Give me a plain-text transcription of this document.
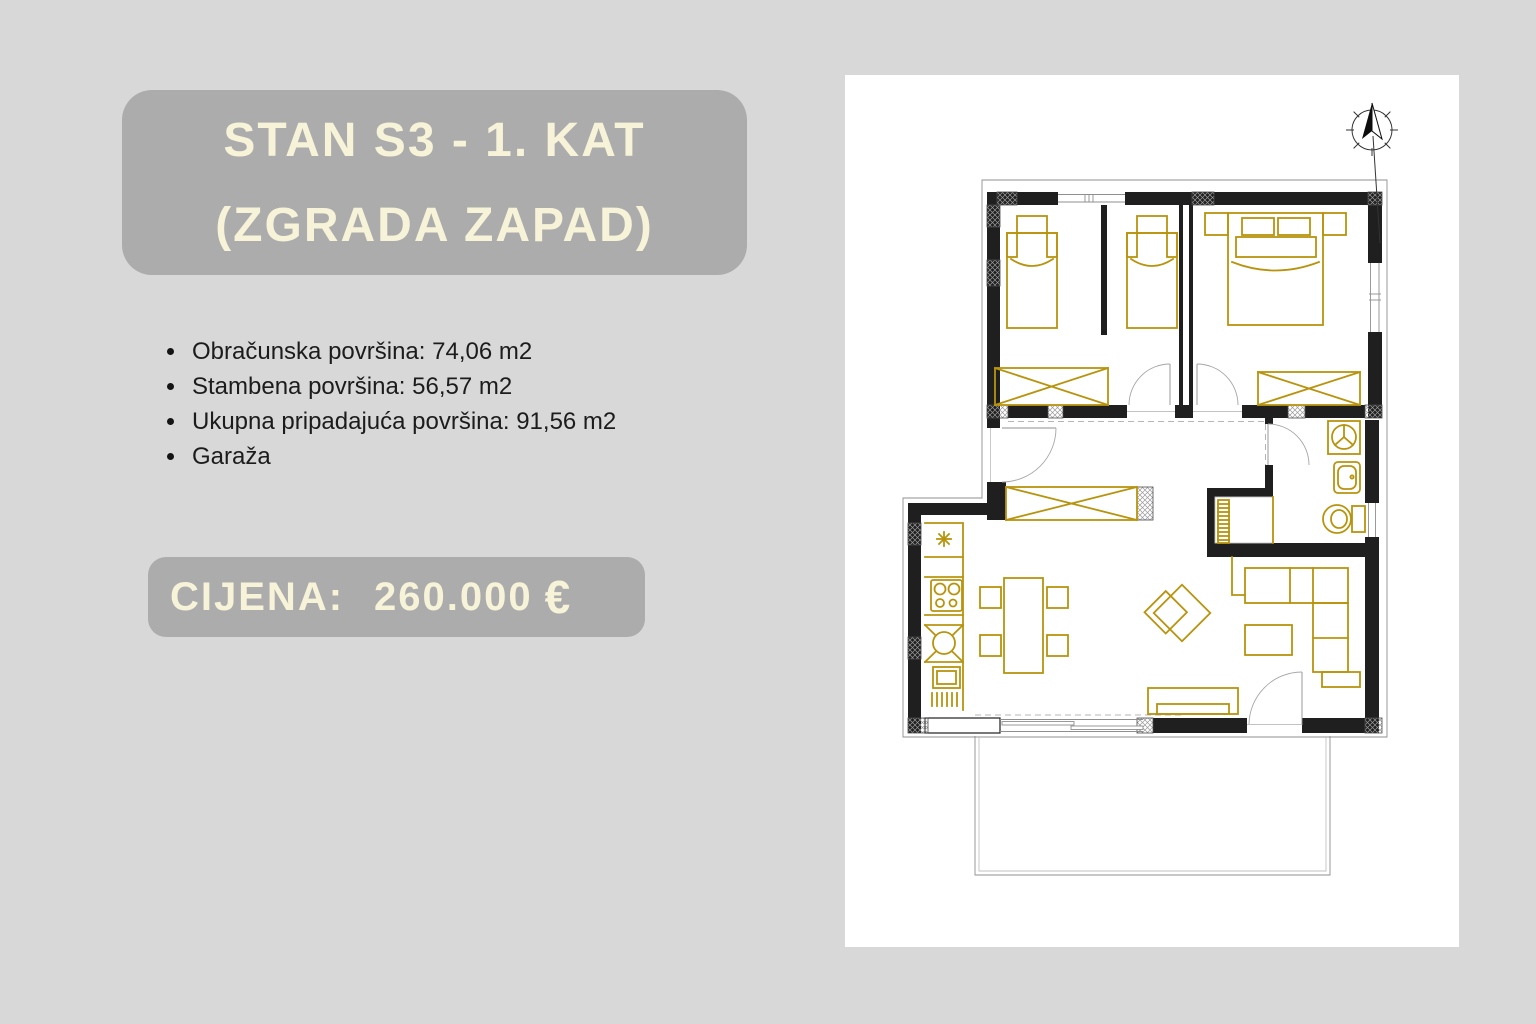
STAN S3 - 1. KAT
(ZGRADA ZAPAD)
Obračunska površina: 74,06 m2
Stambena površina: 56,57 m2
Ukupna pripadajuća površina: 91,56 m2
Garaža
CIJENA: 260.000 €
